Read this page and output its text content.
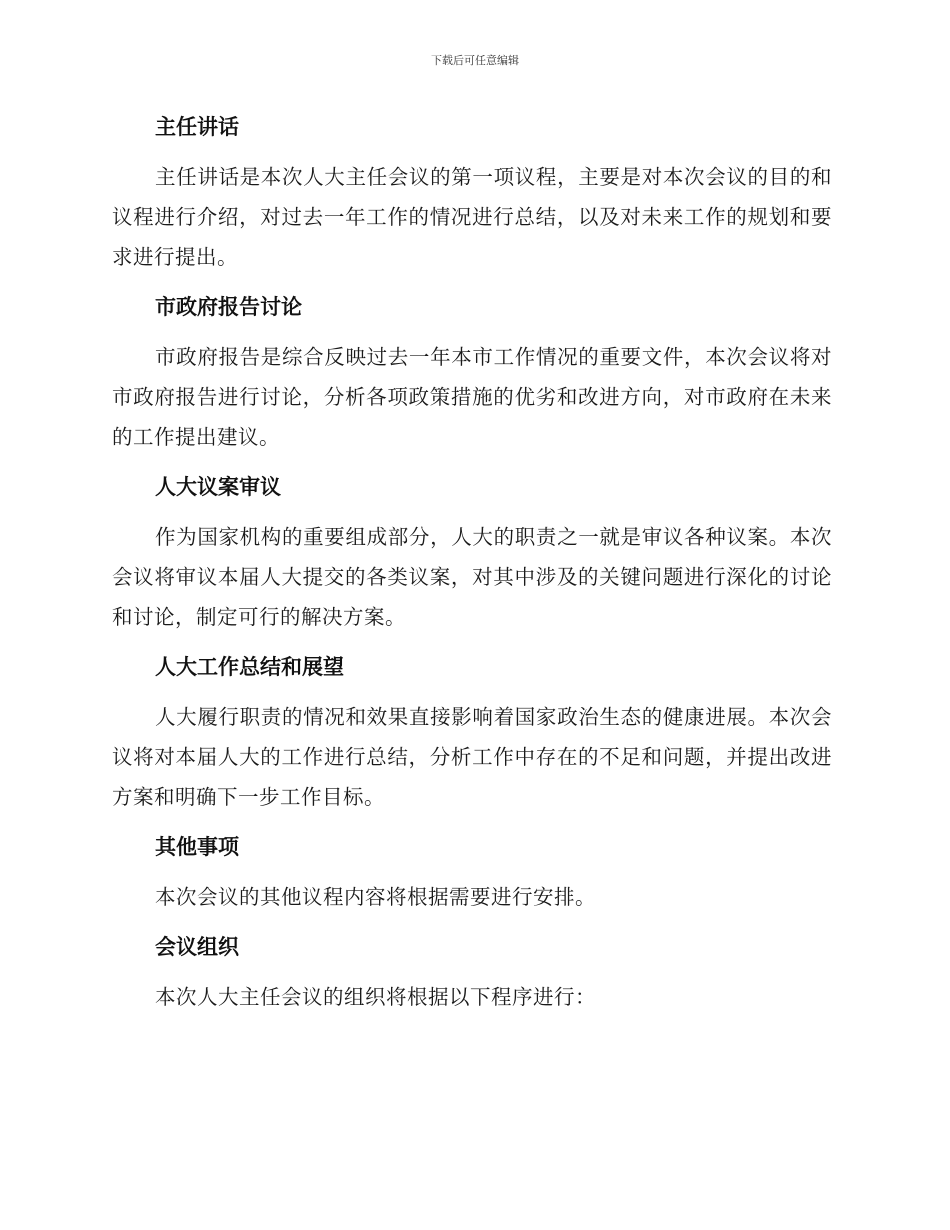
下载后可任意编辑
主任讲话

主任讲话是本次人大主任会议的第一项议程，主要是对本次会议的目的和议程进行介绍，对过去一年工作的情况进行总结，以及对未来工作的规划和要求进行提出。

市政府报告讨论

市政府报告是综合反映过去一年本市工作情况的重要文件，本次会议将对市政府报告进行讨论，分析各项政策措施的优劣和改进方向，对市政府在未来的工作提出建议。

人大议案审议

作为国家机构的重要组成部分，人大的职责之一就是审议各种议案。本次会议将审议本届人大提交的各类议案，对其中涉及的关键问题进行深化的讨论和讨论，制定可行的解决方案。

人大工作总结和展望

人大履行职责的情况和效果直接影响着国家政治生态的健康进展。本次会议将对本届人大的工作进行总结，分析工作中存在的不足和问题，并提出改进方案和明确下一步工作目标。

其他事项

本次会议的其他议程内容将根据需要进行安排。

会议组织

本次人大主任会议的组织将根据以下程序进行：
